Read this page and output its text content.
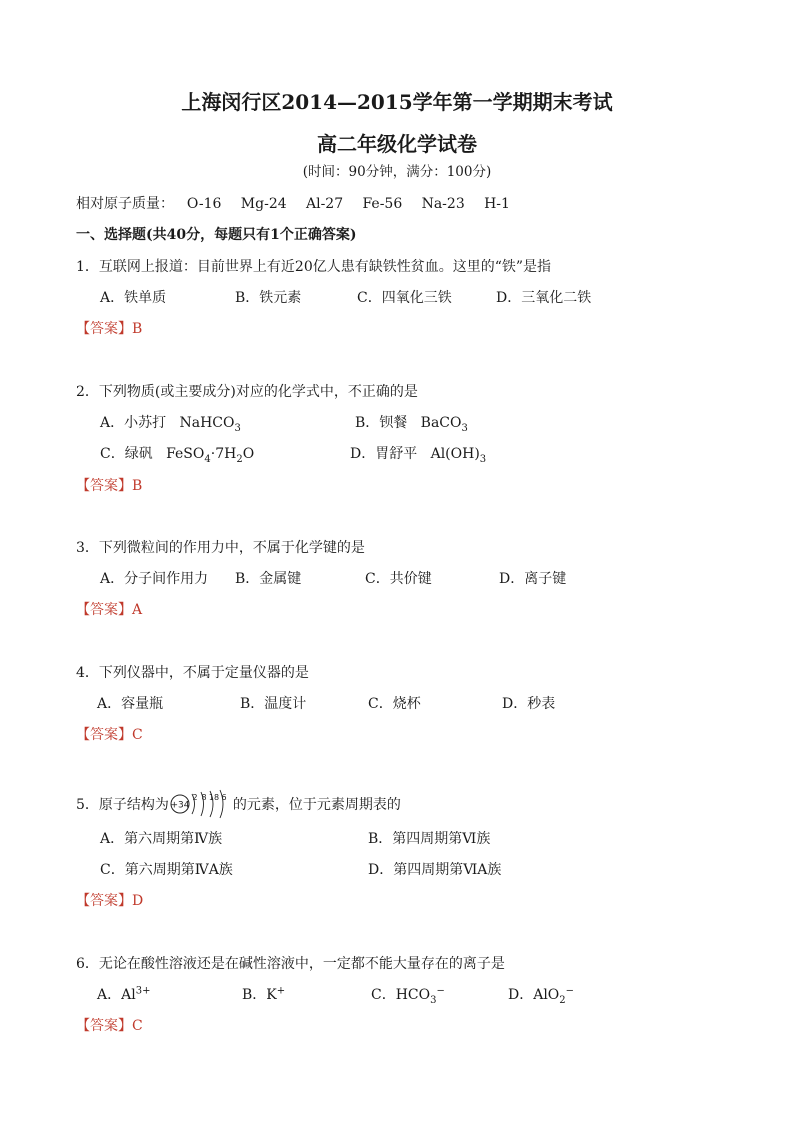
上海闵行区2014—2015学年第一学期期末考试
高二年级化学试卷
(时间：90分钟，满分：100分)
相对原子质量：  O-16   Mg-24   Al-27   Fe-56   Na-23   H-1
一、选择题(共40分，每题只有1个正确答案)
1．互联网上报道：目前世界上有近20亿人患有缺铁性贫血。这里的“铁”是指
A．铁单质	B．铁元素	C．四氧化三铁	D．三氧化二铁
【答案】B
2．下列物质(或主要成分)对应的化学式中，不正确的是
A．小苏打 NaHCO$_3$	B．钡餐 BaCO$_3$
C．绿矾 $FeSO_4\cdot 7H_2O$	D．胃舒平 $Al(OH)_3$
【答案】B
3．下列微粒间的作用力中，不属于化学键的是
A．分子间作用力 B．金属键	C．共价键	D．离子键
【答案】A
4．下列仪器中，不属于定量仪器的是
A．容量瓶	B．温度计	C．烧杯	D．秒表
【答案】C
5．原子结构为 +34
2 8 18 6 的元素，位于元素周期表的
A．第六周期第Ⅳ族	B．第四周期第Ⅵ族
C．第六周期第ⅣA族	D．第四周期第ⅥA族
【答案】D
6．无论在酸性溶液还是在碱性溶液中，一定都不能大量存在的离子是
A．$Al^{3+}$	B．K+	C．$HCO_3^-$	D．AlO$_2$−
【答案】C
